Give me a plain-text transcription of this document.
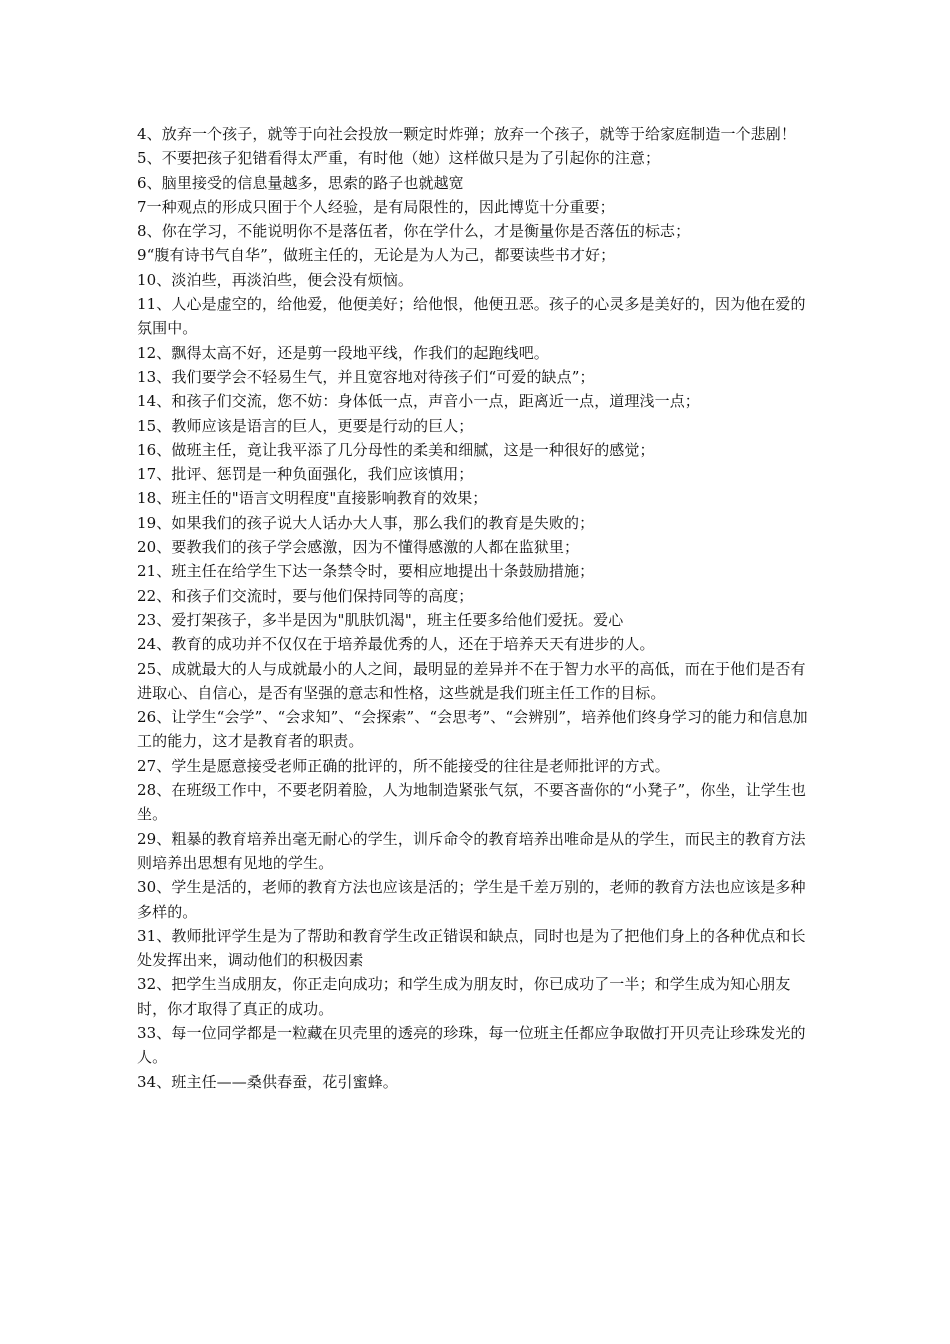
4、放弃一个孩子，就等于向社会投放一颗定时炸弹；放弃一个孩子，就等于给家庭制造一个悲剧！

5、不要把孩子犯错看得太严重，有时他（她）这样做只是为了引起你的注意；

6、脑里接受的信息量越多，思索的路子也就越宽

7一种观点的形成只囿于个人经验，是有局限性的，因此博览十分重要；

8、你在学习，不能说明你不是落伍者，你在学什么，才是衡量你是否落伍的标志；

9“腹有诗书气自华”，做班主任的，无论是为人为己，都要读些书才好；

10、淡泊些，再淡泊些，便会没有烦恼。

11、人心是虚空的，给他爱，他便美好；给他恨，他便丑恶。孩子的心灵多是美好的，因为他在爱的氛围中。

12、飘得太高不好，还是剪一段地平线，作我们的起跑线吧。

13、我们要学会不轻易生气，并且宽容地对待孩子们“可爱的缺点”；

14、和孩子们交流，您不妨：身体低一点，声音小一点，距离近一点，道理浅一点；

15、教师应该是语言的巨人，更要是行动的巨人；

16、做班主任，竟让我平添了几分母性的柔美和细腻，这是一种很好的感觉；

17、批评、惩罚是一种负面强化，我们应该慎用；

18、班主任的"语言文明程度"直接影响教育的效果；

19、如果我们的孩子说大人话办大人事，那么我们的教育是失败的；

20、要教我们的孩子学会感激，因为不懂得感激的人都在监狱里；

21、班主任在给学生下达一条禁令时，要相应地提出十条鼓励措施；

22、和孩子们交流时，要与他们保持同等的高度；

23、爱打架孩子，多半是因为"肌肤饥渴"，班主任要多给他们爱抚。爱心

24、教育的成功并不仅仅在于培养最优秀的人，还在于培养天天有进步的人。

25、成就最大的人与成就最小的人之间，最明显的差异并不在于智力水平的高低，而在于他们是否有进取心、自信心，是否有坚强的意志和性格，这些就是我们班主任工作的目标。

26、让学生“会学”、“会求知”、“会探索”、“会思考”、“会辨别”，培养他们终身学习的能力和信息加工的能力，这才是教育者的职责。

27、学生是愿意接受老师正确的批评的，所不能接受的往往是老师批评的方式。

28、在班级工作中，不要老阴着脸，人为地制造紧张气氛，不要吝啬你的“小凳子”，你坐，让学生也坐。

29、粗暴的教育培养出毫无耐心的学生，训斥命令的教育培养出唯命是从的学生，而民主的教育方法则培养出思想有见地的学生。

30、学生是活的，老师的教育方法也应该是活的；学生是千差万别的，老师的教育方法也应该是多种多样的。

31、教师批评学生是为了帮助和教育学生改正错误和缺点，同时也是为了把他们身上的各种优点和长处发挥出来，调动他们的积极因素

32、把学生当成朋友，你正走向成功；和学生成为朋友时，你已成功了一半；和学生成为知心朋友时，你才取得了真正的成功。

33、每一位同学都是一粒藏在贝壳里的透亮的珍珠，每一位班主任都应争取做打开贝壳让珍珠发光的人。

34、班主任——桑供春蚕，花引蜜蜂。
